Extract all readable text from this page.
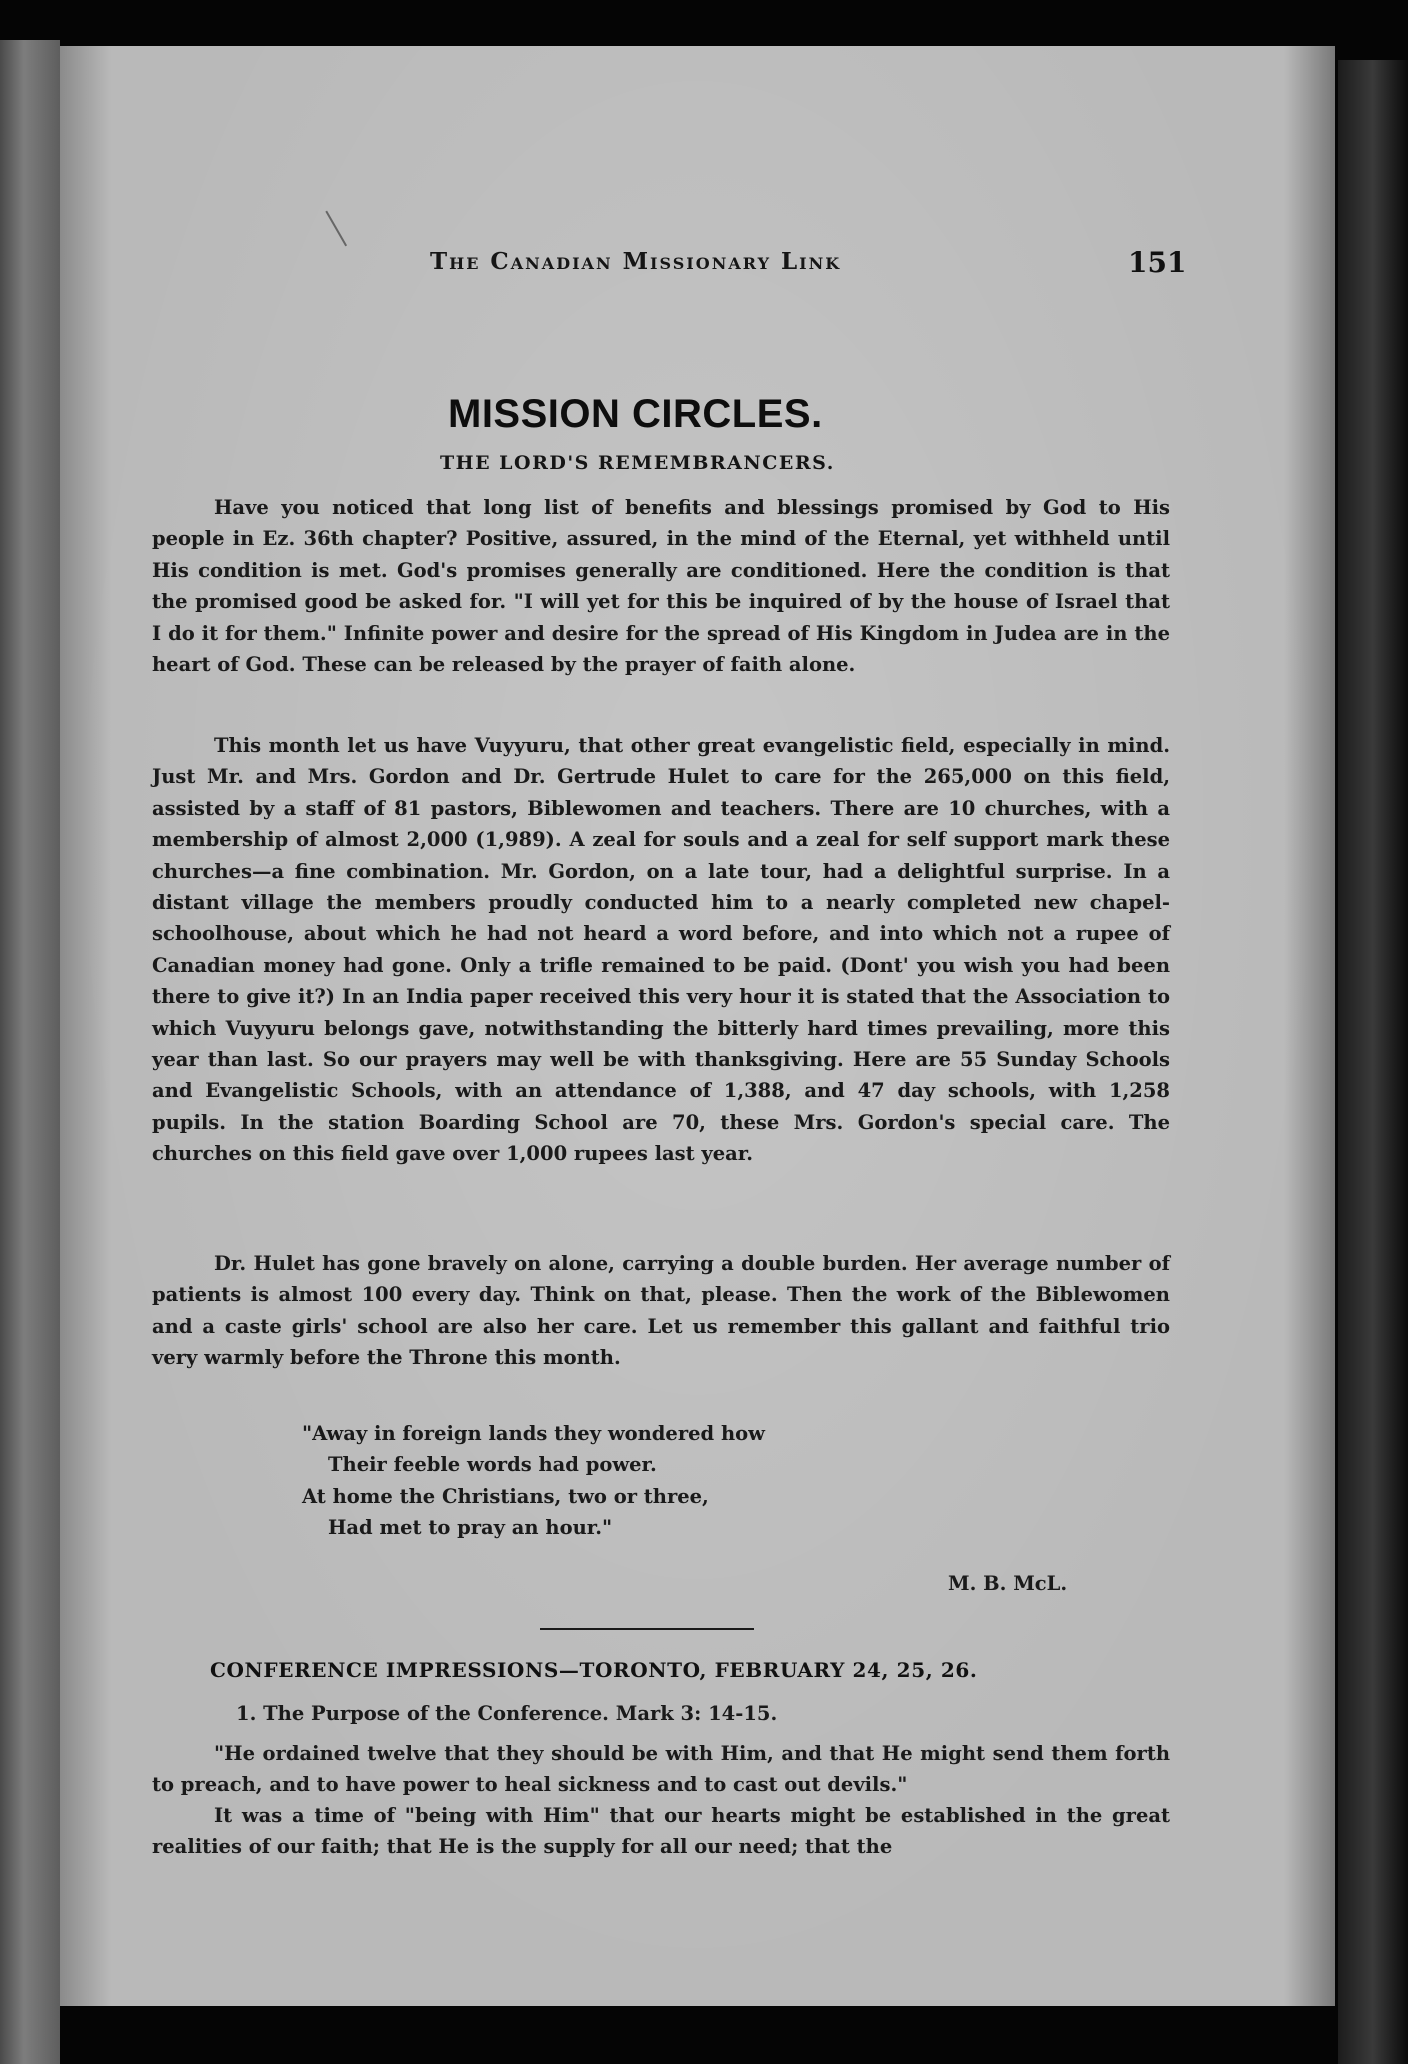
The Canadian Missionary Link	151
MISSION CIRCLES.
THE LORD'S REMEMBRANCERS.

Have you noticed that long list of benefits and blessings promised by God to His people in Ez. 36th chapter? Positive, assured, in the mind of the Eternal, yet withheld until His condition is met. God's promises generally are conditioned. Here the condition is that the promised good be asked for. "I will yet for this be inquired of by the house of Israel that I do it for them." Infinite power and desire for the spread of His Kingdom in Judea are in the heart of God. These can be released by the prayer of faith alone.

This month let us have Vuyyuru, that other great evangelistic field, especially in mind. Just Mr. and Mrs. Gordon and Dr. Gertrude Hulet to care for the 265,000 on this field, assisted by a staff of 81 pastors, Biblewomen and teachers. There are 10 churches, with a membership of almost 2,000 (1,989). A zeal for souls and a zeal for self support mark these churches—a fine combination. Mr. Gordon, on a late tour, had a delightful surprise. In a distant village the members proudly conducted him to a nearly completed new chapel-schoolhouse, about which he had not heard a word before, and into which not a rupee of Canadian money had gone. Only a trifle remained to be paid. (Dont' you wish you had been there to give it?) In an India paper received this very hour it is stated that the Association to which Vuyyuru belongs gave, notwithstanding the bitterly hard times prevailing, more this year than last. So our prayers may well be with thanksgiving. Here are 55 Sunday Schools and Evangelistic Schools, with an attendance of 1,388, and 47 day schools, with 1,258 pupils. In the station Boarding School are 70, these Mrs. Gordon's special care. The churches on this field gave over 1,000 rupees last year.

Dr. Hulet has gone bravely on alone, carrying a double burden. Her average number of patients is almost 100 every day. Think on that, please. Then the work of the Biblewomen and a caste girls' school are also her care. Let us remember this gallant and faithful trio very warmly before the Throne this month.

"Away in foreign lands they wondered how
Their feeble words had power.
At home the Christians, two or three,
Had met to pray an hour."
M. B. McL.
CONFERENCE IMPRESSIONS—TORONTO, FEBRUARY 24, 25, 26.
1. The Purpose of the Conference. Mark 3: 14-15.

"He ordained twelve that they should be with Him, and that He might send them forth to preach, and to have power to heal sickness and to cast out devils."

It was a time of "being with Him" that our hearts might be established in the great realities of our faith; that He is the supply for all our need; that the
